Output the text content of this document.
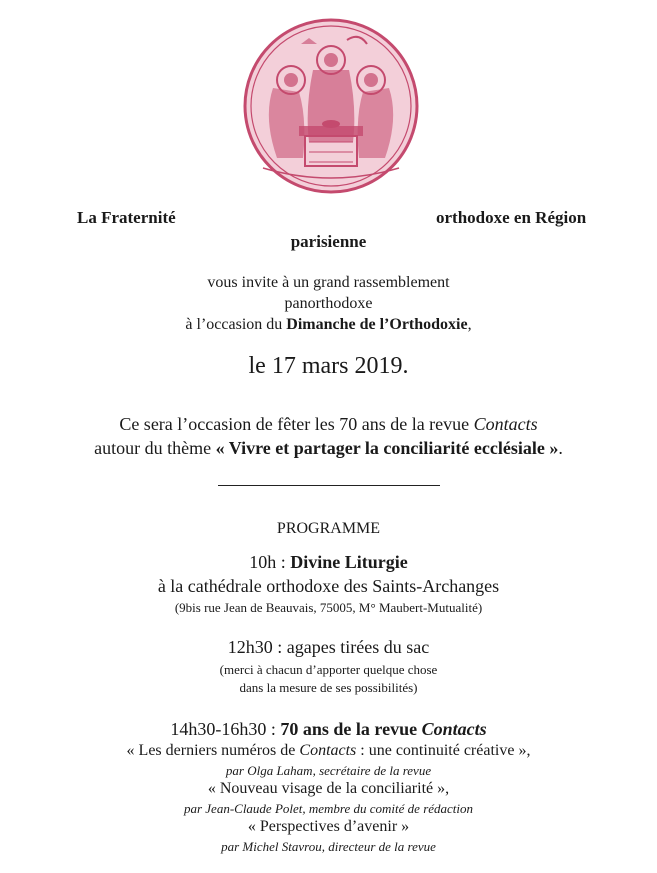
La Fraternité	orthodoxe en Région
parisienne
vous invite à un grand rassemblement
panorthodoxe
à l’occasion du Dimanche de l’Orthodoxie,
le 17 mars 2019.
Ce sera l’occasion de fêter les 70 ans de la revue Contacts
autour du thème « Vivre et partager la conciliarité ecclésiale ».
PROGRAMME
10h : Divine Liturgie
à la cathédrale orthodoxe des Saints-Archanges
(9bis rue Jean de Beauvais, 75005, M° Maubert-Mutualité)
12h30 : agapes tirées du sac
(merci à chacun d’apporter quelque chose
dans la mesure de ses possibilités)
14h30-16h30 : 70 ans de la revue Contacts
« Les derniers numéros de Contacts : une continuité créative »,
par Olga Laham, secrétaire de la revue
« Nouveau visage de la conciliarité »,
par Jean-Claude Polet, membre du comité de rédaction
« Perspectives d’avenir »
par Michel Stavrou, directeur de la revue
